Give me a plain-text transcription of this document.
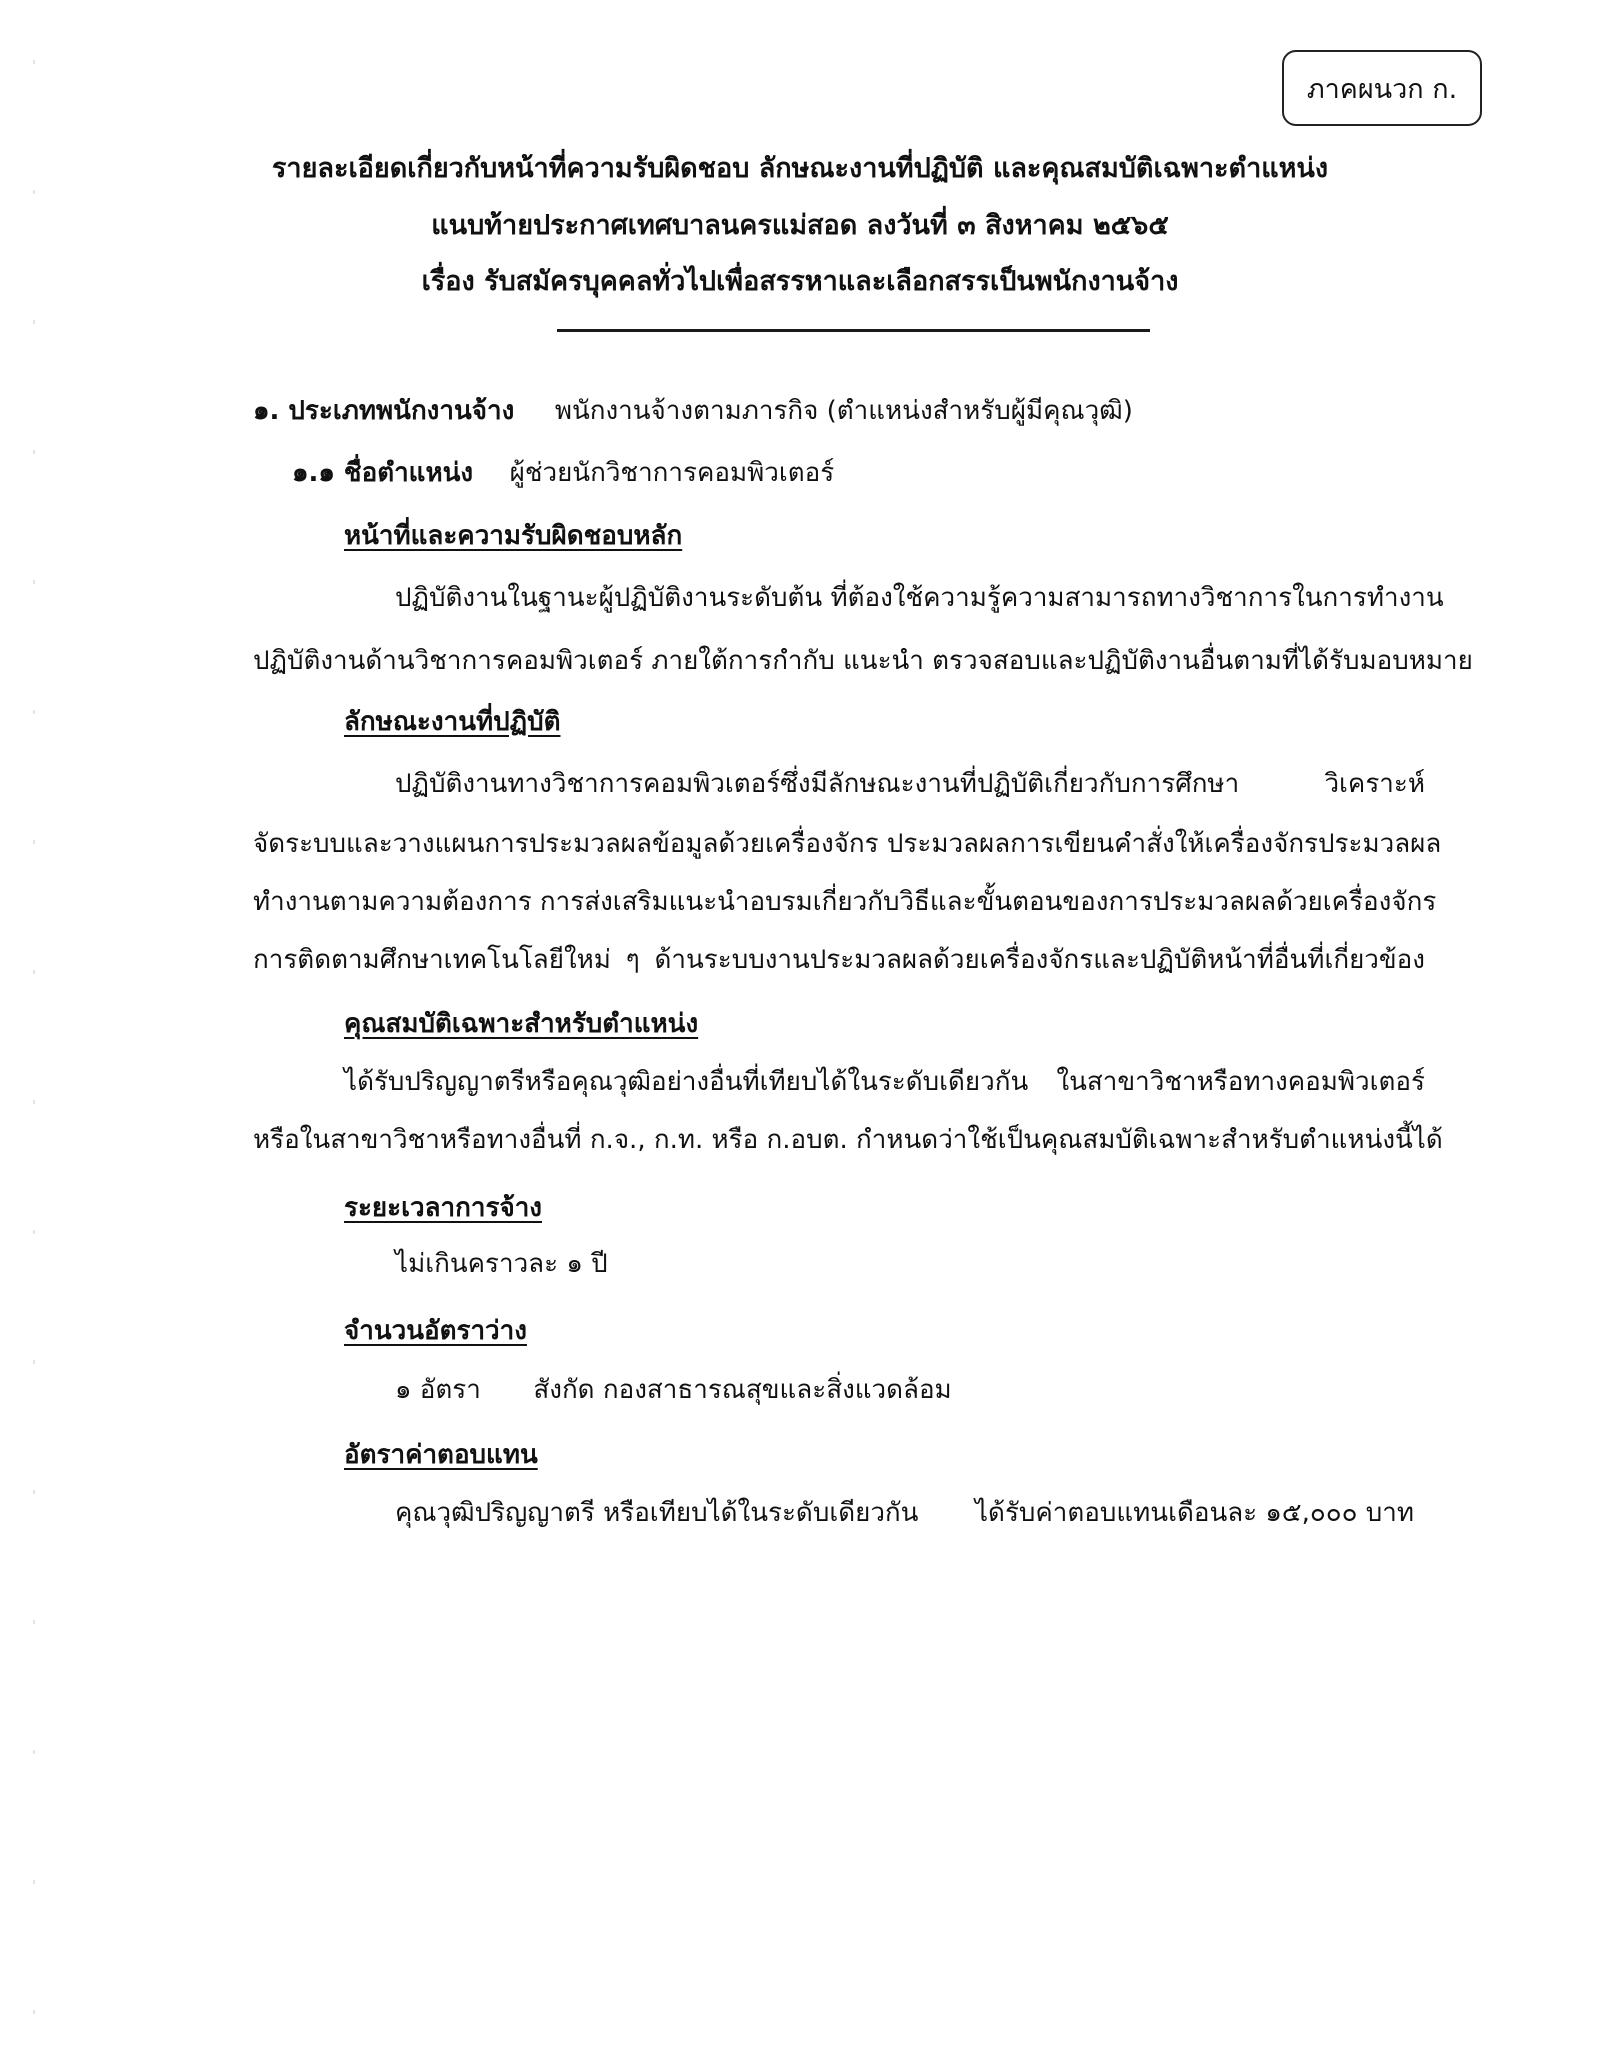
ภาคผนวก ก.
รายละเอียดเกี่ยวกับหน้าที่ความรับผิดชอบ ลักษณะงานที่ปฏิบัติ และคุณสมบัติเฉพาะตำแหน่ง
แนบท้ายประกาศเทศบาลนครแม่สอด ลงวันที่ ๓ สิงหาคม ๒๕๖๕
เรื่อง รับสมัครบุคคลทั่วไปเพื่อสรรหาและเลือกสรรเป็นพนักงานจ้าง
๑. ประเภทพนักงานจ้าง พนักงานจ้างตามภารกิจ (ตำแหน่งสำหรับผู้มีคุณวุฒิ)
๑.๑ ชื่อตำแหน่ง ผู้ช่วยนักวิชาการคอมพิวเตอร์
หน้าที่และความรับผิดชอบหลัก
ปฏิบัติงานในฐานะผู้ปฏิบัติงานระดับต้น ที่ต้องใช้ความรู้ความสามารถทางวิชาการในการทำงาน
ปฏิบัติงานด้านวิชาการคอมพิวเตอร์ ภายใต้การกำกับ แนะนำ ตรวจสอบและปฏิบัติงานอื่นตามที่ได้รับมอบหมาย
ลักษณะงานที่ปฏิบัติ
ปฏิบัติงานทางวิชาการคอมพิวเตอร์ซึ่งมีลักษณะงานที่ปฏิบัติเกี่ยวกับการศึกษา วิเคราะห์
จัดระบบและวางแผนการประมวลผลข้อมูลด้วยเครื่องจักร ประมวลผลการเขียนคำสั่งให้เครื่องจักรประมวลผล
ทำงานตามความต้องการ การส่งเสริมแนะนำอบรมเกี่ยวกับวิธีและขั้นตอนของการประมวลผลด้วยเครื่องจักร
การติดตามศึกษาเทคโนโลยีใหม่ ๆ ด้านระบบงานประมวลผลด้วยเครื่องจักรและปฏิบัติหน้าที่อื่นที่เกี่ยวข้อง
คุณสมบัติเฉพาะสำหรับตำแหน่ง
ได้รับปริญญาตรีหรือคุณวุฒิอย่างอื่นที่เทียบได้ในระดับเดียวกัน ในสาขาวิชาหรือทางคอมพิวเตอร์
หรือในสาขาวิชาหรือทางอื่นที่ ก.จ., ก.ท. หรือ ก.อบต. กำหนดว่าใช้เป็นคุณสมบัติเฉพาะสำหรับตำแหน่งนี้ได้
ระยะเวลาการจ้าง
ไม่เกินคราวละ ๑ ปี
จำนวนอัตราว่าง
๑ อัตรา สังกัด กองสาธารณสุขและสิ่งแวดล้อม
อัตราค่าตอบแทน
คุณวุฒิปริญญาตรี หรือเทียบได้ในระดับเดียวกัน ได้รับค่าตอบแทนเดือนละ ๑๕,๐๐๐ บาท
